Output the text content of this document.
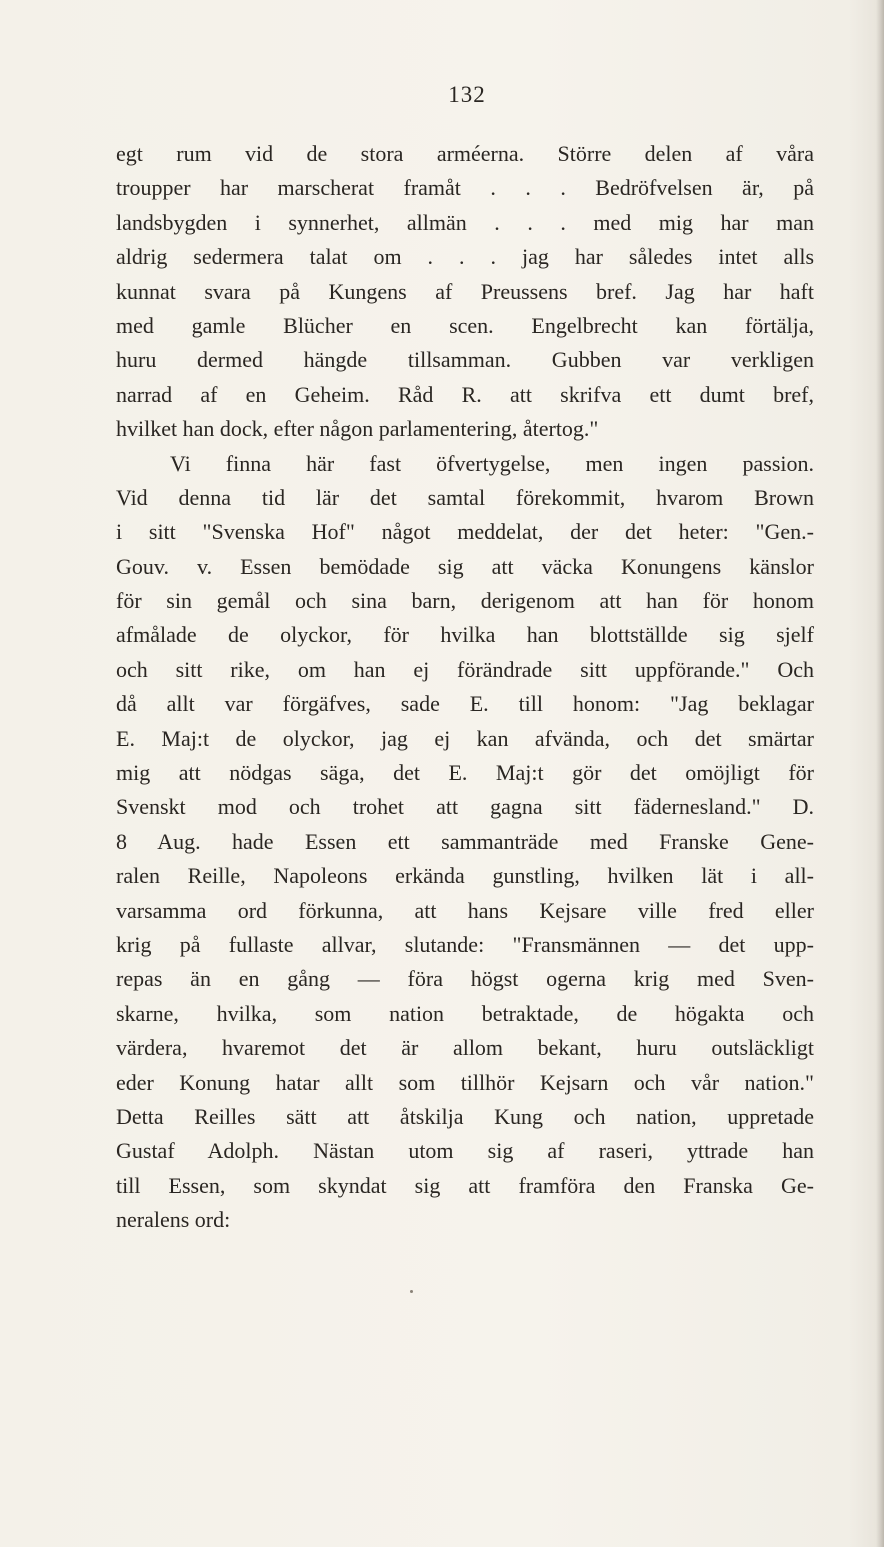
132
egt rum vid de stora arméerna. Större delen af våra
troupper har marscherat framåt . . . Bedröfvelsen är, på
landsbygden i synnerhet, allmän . . . med mig har man
aldrig sedermera talat om . . . jag har således intet alls
kunnat svara på Kungens af Preussens bref. Jag har haft
med gamle Blücher en scen. Engelbrecht kan förtälja,
huru dermed hängde tillsamman. Gubben var verkligen
narrad af en Geheim. Råd R. att skrifva ett dumt bref,
hvilket han dock, efter någon parlamentering, återtog."
Vi finna här fast öfvertygelse, men ingen passion.
Vid denna tid lär det samtal förekommit, hvarom Brown
i sitt "Svenska Hof" något meddelat, der det heter: "Gen.-
Gouv. v. Essen bemödade sig att väcka Konungens känslor
för sin gemål och sina barn, derigenom att han för honom
afmålade de olyckor, för hvilka han blottställde sig sjelf
och sitt rike, om han ej förändrade sitt uppförande." Och
då allt var förgäfves, sade E. till honom: "Jag beklagar
E. Maj:t de olyckor, jag ej kan afvända, och det smärtar
mig att nödgas säga, det E. Maj:t gör det omöjligt för
Svenskt mod och trohet att gagna sitt fädernesland." D.
8 Aug. hade Essen ett sammanträde med Franske Gene-
ralen Reille, Napoleons erkända gunstling, hvilken lät i all-
varsamma ord förkunna, att hans Kejsare ville fred eller
krig på fullaste allvar, slutande: "Fransmännen — det upp-
repas än en gång — föra högst ogerna krig med Sven-
skarne, hvilka, som nation betraktade, de högakta och
värdera, hvaremot det är allom bekant, huru outsläckligt
eder Konung hatar allt som tillhör Kejsarn och vår nation."
Detta Reilles sätt att åtskilja Kung och nation, uppretade
Gustaf Adolph. Nästan utom sig af raseri, yttrade han
till Essen, som skyndat sig att framföra den Franska Ge-
neralens ord:
